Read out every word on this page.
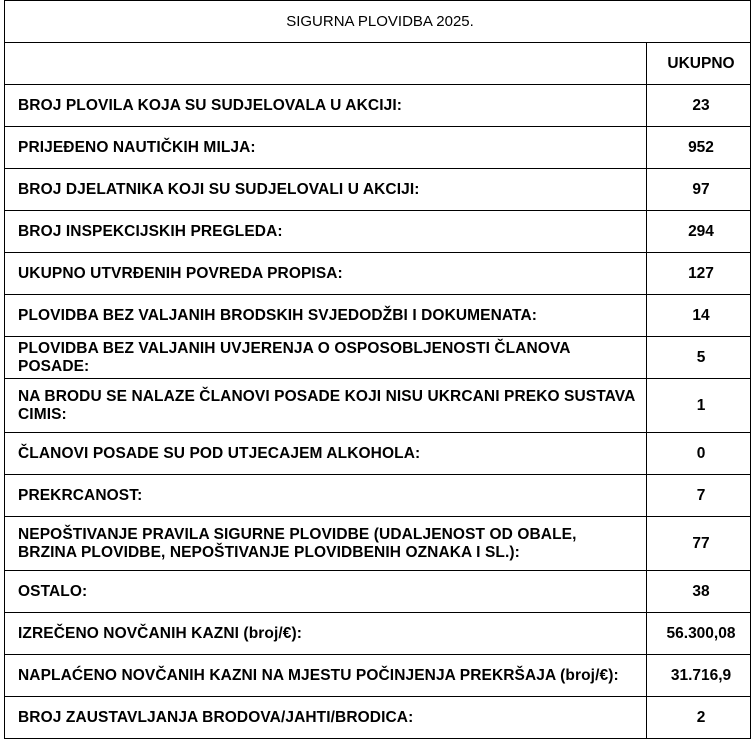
SIGURNA PLOVIDBA 2025.	
	UKUPNO
BROJ PLOVILA KOJA SU SUDJELOVALA U AKCIJI:	23
PRIJEĐENO NAUTIČKIH MILJA:	952
BROJ DJELATNIKA KOJI SU SUDJELOVALI U AKCIJI:	97
BROJ INSPEKCIJSKIH PREGLEDA:	294
UKUPNO UTVRĐENIH POVREDA PROPISA:	127
PLOVIDBA BEZ VALJANIH BRODSKIH SVJEDODŽBI I DOKUMENATA:	14
PLOVIDBA BEZ VALJANIH UVJERENJA O OSPOSOBLJENOSTI ČLANOVA POSADE:	5
NA BRODU SE NALAZE ČLANOVI POSADE KOJI NISU UKRCANI PREKO SUSTAVA CIMIS:	1
ČLANOVI POSADE SU POD UTJECAJEM ALKOHOLA:	0
PREKRCANOST:	7
NEPOŠTIVANJE PRAVILA SIGURNE PLOVIDBE (UDALJENOST OD OBALE, BRZINA PLOVIDBE, NEPOŠTIVANJE PLOVIDBENIH OZNAKA I SL.):	77
OSTALO:	38
IZREČENO NOVČANIH KAZNI (broj/€):	56.300,08
NAPLAĆENO NOVČANIH KAZNI NA MJESTU POČINJENJA PREKRŠAJA (broj/€):	31.716,9
BROJ ZAUSTAVLJANJA BRODOVA/JAHTI/BRODICA:	2
